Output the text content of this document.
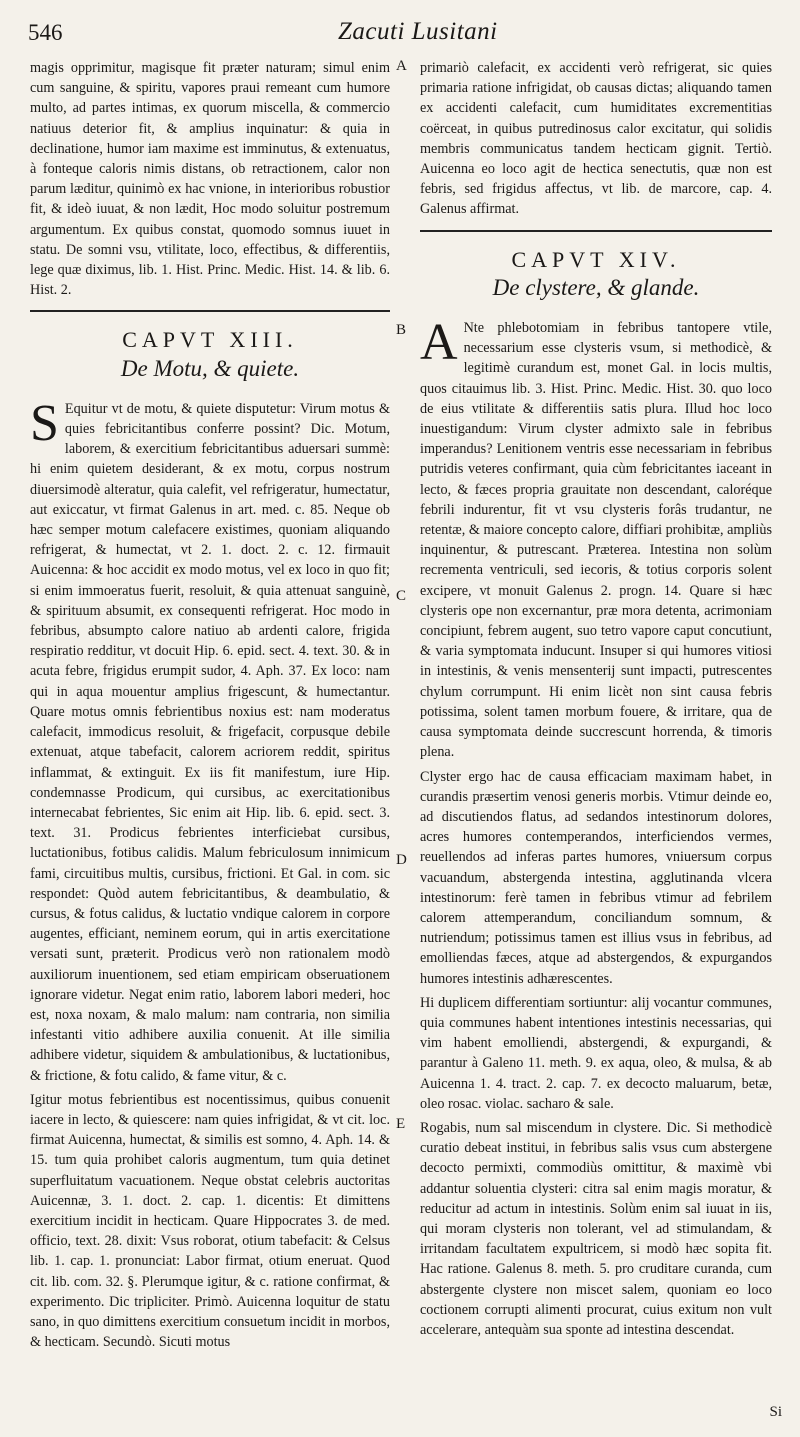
546	Zacuti Lusitani

magis opprimitur, magisque fit præter naturam; simul enim cum sanguine, & spiritu, vapores praui remeant cum humore multo, ad partes intimas, ex quorum miscella, & commercio natiuus deterior fit, & amplius inquinatur: & quia in declinatione, humor iam maxime est imminutus, & extenuatus, à fonteque caloris nimis distans, ob retractionem, calor non parum læditur, quinimò ex hac vnione, in interioribus robustior fit, & ideò iuuat, & non lædit, Hoc modo soluitur postremum argumentum. Ex quibus constat, quomodo somnus iuuet in statu. De somni vsu, vtilitate, loco, effectibus, & differentiis, lege quæ diximus, lib. 1. Hist. Princ. Medic. Hist. 14. & lib. 6. Hist. 2.

CAPVT XIII.
De Motu, & quiete.
S Equitur vt de motu, & quiete disputetur: Virum motus & quies febricitantibus conferre possint? Dic. Motum, laborem, & exercitium febricitantibus aduersari summè: hi enim quietem desiderant, & ex motu, corpus nostrum diuersimodè alteratur, quia calefit, vel refrigeratur, humectatur, aut exiccatur, vt firmat Galenus in art. med. c. 85. Neque ob hæc semper motum calefacere existimes, quoniam aliquando refrigerat, & humectat, vt 2. 1. doct. 2. c. 12. firmauit Auicenna: & hoc accidit ex modo motus, vel ex loco in quo fit; si enim immoeratus fuerit, resoluit, & quia attenuat sanguinè, & spirituum absumit, ex consequenti refrigerat. Hoc modo in febribus, absumpto calore natiuo ab ardenti calore, frigida respiratio redditur, vt docuit Hip. 6. epid. sect. 4. text. 30. & in acuta febre, frigidus erumpit sudor, 4. Aph. 37. Ex loco: nam qui in aqua mouentur amplius frigescunt, & humectantur. Quare motus omnis febrientibus noxius est: nam moderatus calefacit, immodicus resoluit, & frigefacit, corpusque debile extenuat, atque tabefacit, calorem acriorem reddit, spiritus inflammat, & extinguit. Ex iis fit manifestum, iure Hip. condemnasse Prodicum, qui cursibus, ac exercitationibus internecabat febrientes, Sic enim ait Hip. lib. 6. epid. sect. 3. text. 31. Prodicus febrientes interficiebat cursibus, luctationibus, fotibus calidis. Malum febriculosum innimicum fami, circuitibus multis, cursibus, frictioni. Et Gal. in com. sic respondet: Quòd autem febricitantibus, & deambulatio, & cursus, & fotus calidus, & luctatio vndique calorem in corpore augentes, efficiant, neminem eorum, qui in artis exercitatione versati sunt, præterit. Prodicus verò non rationalem modò auxiliorum inuentionem, sed etiam empiricam obseruationem ignorare videtur. Negat enim ratio, laborem labori mederi, hoc est, noxa noxam, & malo malum: nam contraria, non similia infestanti vitio adhibere auxilia conuenit. At ille similia adhibere videtur, siquidem & ambulationibus, & luctationibus, & frictione, & fotu calido, & fame vitur, & c.

Igitur motus febrientibus est nocentissimus, quibus conuenit iacere in lecto, & quiescere: nam quies infrigidat, & vt cit. loc. firmat Auicenna, humectat, & similis est somno, 4. Aph. 14. & 15. tum quia prohibet caloris augmentum, tum quia detinet superfluitatum vacuationem. Neque obstat celebris auctoritas Auicennæ, 3. 1. doct. 2. cap. 1. dicentis: Et dimittens exercitium incidit in hecticam. Quare Hippocrates 3. de med. officio, text. 28. dixit: Vsus roborat, otium tabefacit: & Celsus lib. 1. cap. 1. pronunciat: Labor firmat, otium eneruat. Quod cit. lib. com. 32. §. Plerumque igitur, & c. ratione confirmat, & experimento. Dic tripliciter. Primò. Auicenna loquitur de statu sano, in quo dimittens exercitium consuetum incidit in morbos, & hecticam. Secundò. Sicuti motus

primariò calefacit, ex accidenti verò refrigerat, sic quies primaria ratione infrigidat, ob causas dictas; aliquando tamen ex accidenti calefacit, cum humiditates excrementitias coërceat, in quibus putredinosus calor excitatur, qui solidis membris communicatus tandem hecticam gignit. Tertiò. Auicenna eo loco agit de hectica senectutis, quæ non est febris, sed frigidus affectus, vt lib. de marcore, cap. 4. Galenus affirmat.

CAPVT XIV.
De clystere, & glande.
A Nte phlebotomiam in febribus tantopere vtile, necessarium esse clysteris vsum, si methodicè, & legitimè curandum est, monet Gal. in locis multis, quos citauimus lib. 3. Hist. Princ. Medic. Hist. 30. quo loco de eius vtilitate & differentiis satis plura. Illud hoc loco inuestigandum: Virum clyster admixto sale in febribus imperandus? Lenitionem ventris esse necessariam in febribus putridis veteres confirmant, quia cùm febricitantes iaceant in lecto, & fæces propria grauitate non descendant, caloréque febrili indurentur, fit vt vsu clysteris forâs trudantur, ne retentæ, & maiore concepto calore, diffiari prohibitæ, ampliùs inquinentur, & putrescant. Præterea. Intestina non solùm recrementa ventriculi, sed iecoris, & totius corporis solent excipere, vt monuit Galenus 2. progn. 14. Quare si hæc clysteris ope non excernantur, præ mora detenta, acrimoniam concipiunt, febrem augent, suo tetro vapore caput concutiunt, & varia symptomata inducunt. Insuper si qui humores vitiosi in intestinis, & venis mensenterij sunt impacti, putrescentes chylum corrumpunt. Hi enim licèt non sint causa febris potissima, solent tamen morbum fouere, & irritare, qua de causa symptomata deinde succrescunt horrenda, & timoris plena.

Clyster ergo hac de causa efficaciam maximam habet, in curandis præsertim venosi generis morbis. Vtimur deinde eo, ad discutiendos flatus, ad sedandos intestinorum dolores, acres humores contemperandos, interficiendos vermes, reuellendos ad inferas partes humores, vniuersum corpus vacuandum, abstergenda intestina, agglutinanda vlcera intestinorum: ferè tamen in febribus vtimur ad febrilem calorem attemperandum, conciliandum somnum, & nutriendum; potissimus tamen est illius vsus in febribus, ad emolliendas fæces, atque ad abstergendos, & expurgandos humores intestinis adhærescentes.

Hi duplicem differentiam sortiuntur: alij vocantur communes, quia communes habent intentiones intestinis necessarias, qui vim habent emolliendi, abstergendi, & expurgandi, & parantur à Galeno 11. meth. 9. ex aqua, oleo, & mulsa, & ab Auicenna 1. 4. tract. 2. cap. 7. ex decocto maluarum, betæ, oleo rosac. violac. sacharo & sale.

Rogabis, num sal miscendum in clystere. Dic. Si methodicè curatio debeat institui, in febribus salis vsus cum abstergene decocto permixti, commodiùs omittitur, & maximè vbi addantur soluentia clysteri: citra sal enim magis moratur, & reducitur ad actum in intestinis. Solùm enim sal iuuat in iis, qui moram clysteris non tolerant, vel ad stimulandam, & irritandam facultatem expultricem, si modò hæc sopita fit. Hac ratione. Galenus 8. meth. 5. pro cruditare curanda, cum abstergente clystere non miscet salem, quoniam eo loco coctionem corrupti alimenti procurat, cuius exitum non vult accelerare, antequàm sua sponte ad intestina descendat.

A
B
C
D
E
Si
